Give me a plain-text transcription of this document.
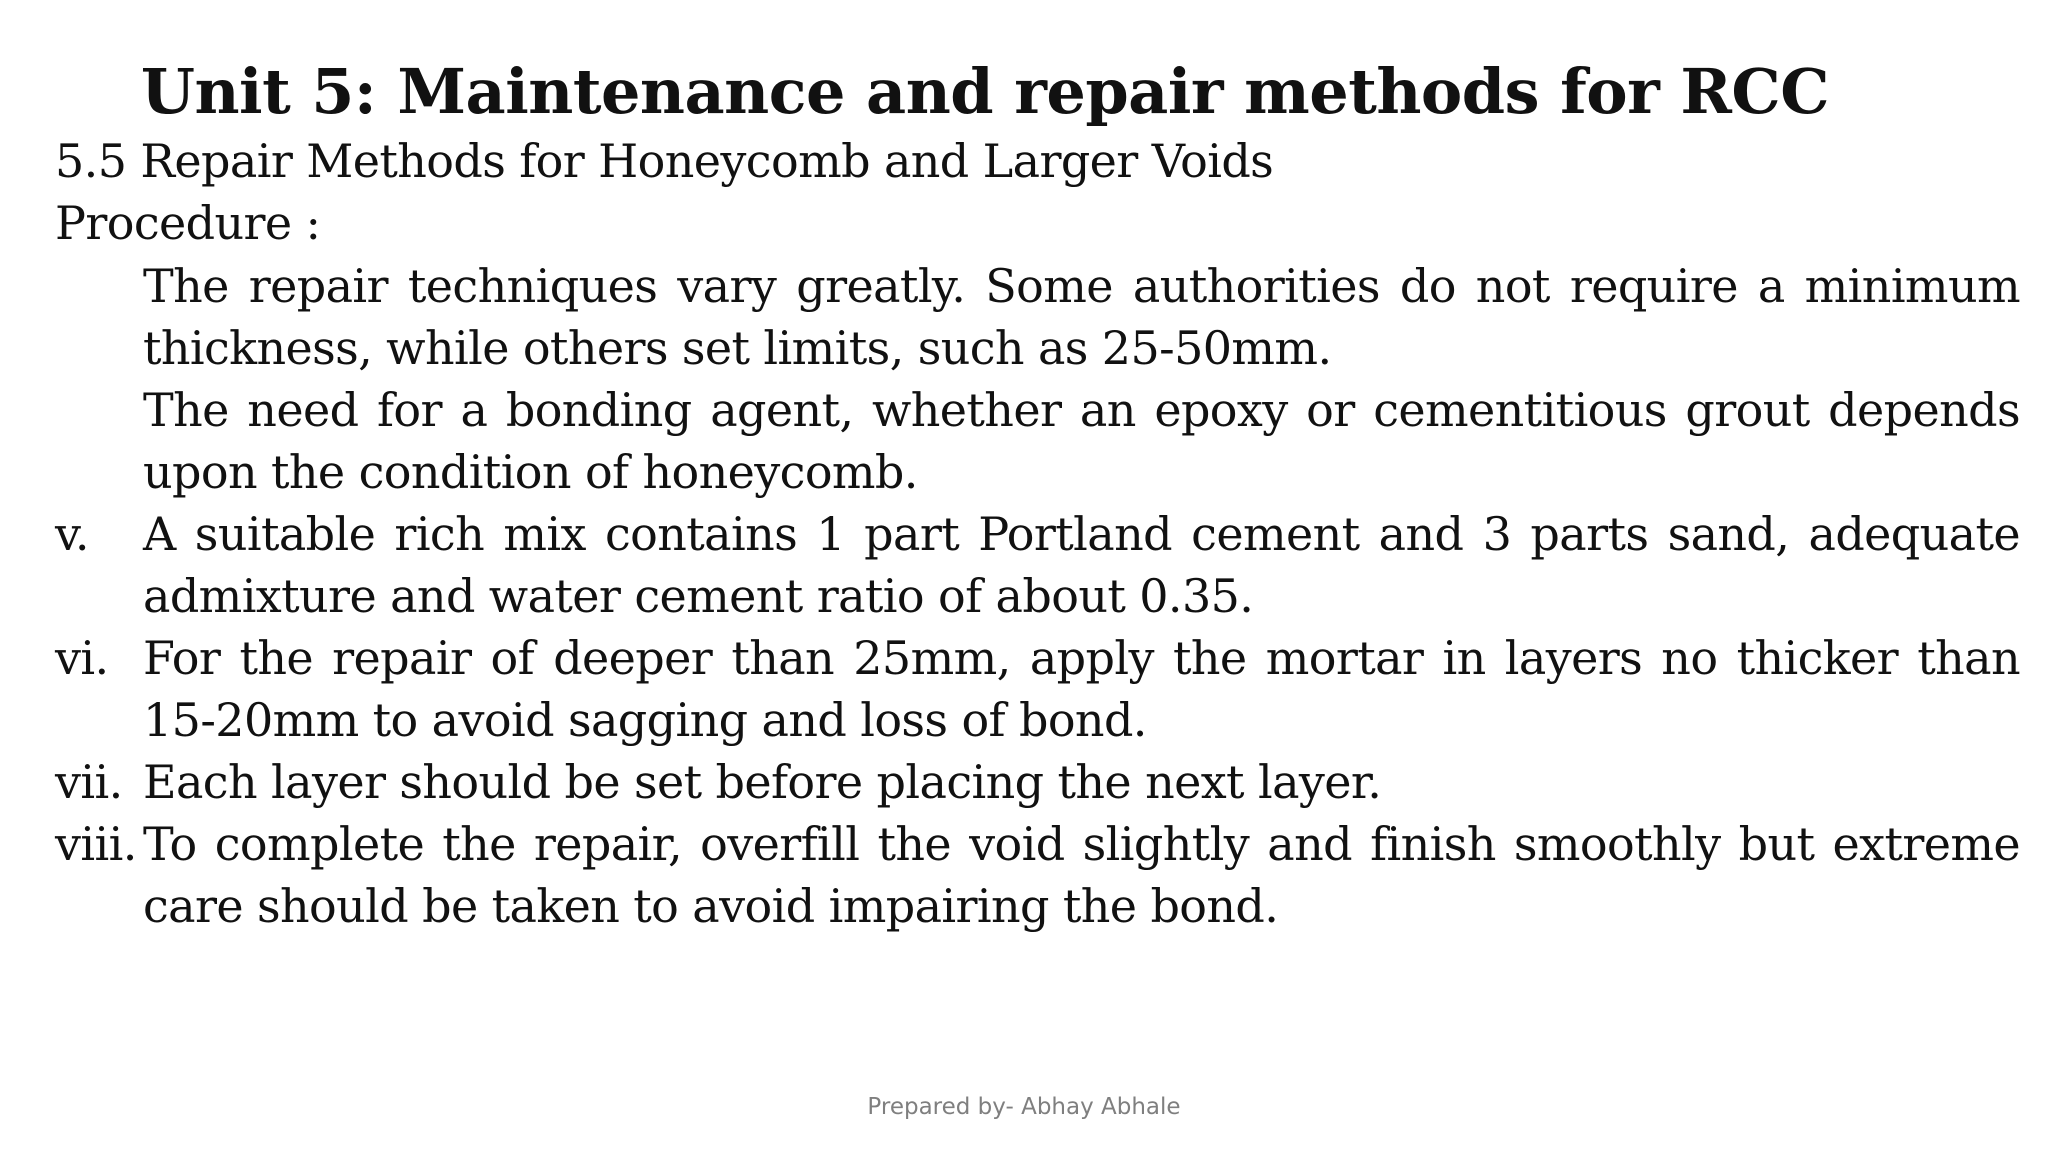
Unit 5: Maintenance and repair methods for RCC
5.5 Repair Methods for Honeycomb and Larger Voids
Procedure :
The repair techniques vary greatly. Some authorities do not require a minimum thickness, while others set limits, such as 25-50mm.
The need for a bonding agent, whether an epoxy or cementitious grout depends upon the condition of honeycomb.
v.	A suitable rich mix contains 1 part Portland cement and 3 parts sand, adequate admixture and water cement ratio of about 0.35.
vi. For the repair of deeper than 25mm, apply the mortar in layers no thicker than 15-20mm to avoid sagging and loss of bond.
vii. Each layer should be set before placing the next layer.
viii. To complete the repair, overfill the void slightly and finish smoothly but extreme care should be taken to avoid impairing the bond.
Prepared by- Abhay Abhale
